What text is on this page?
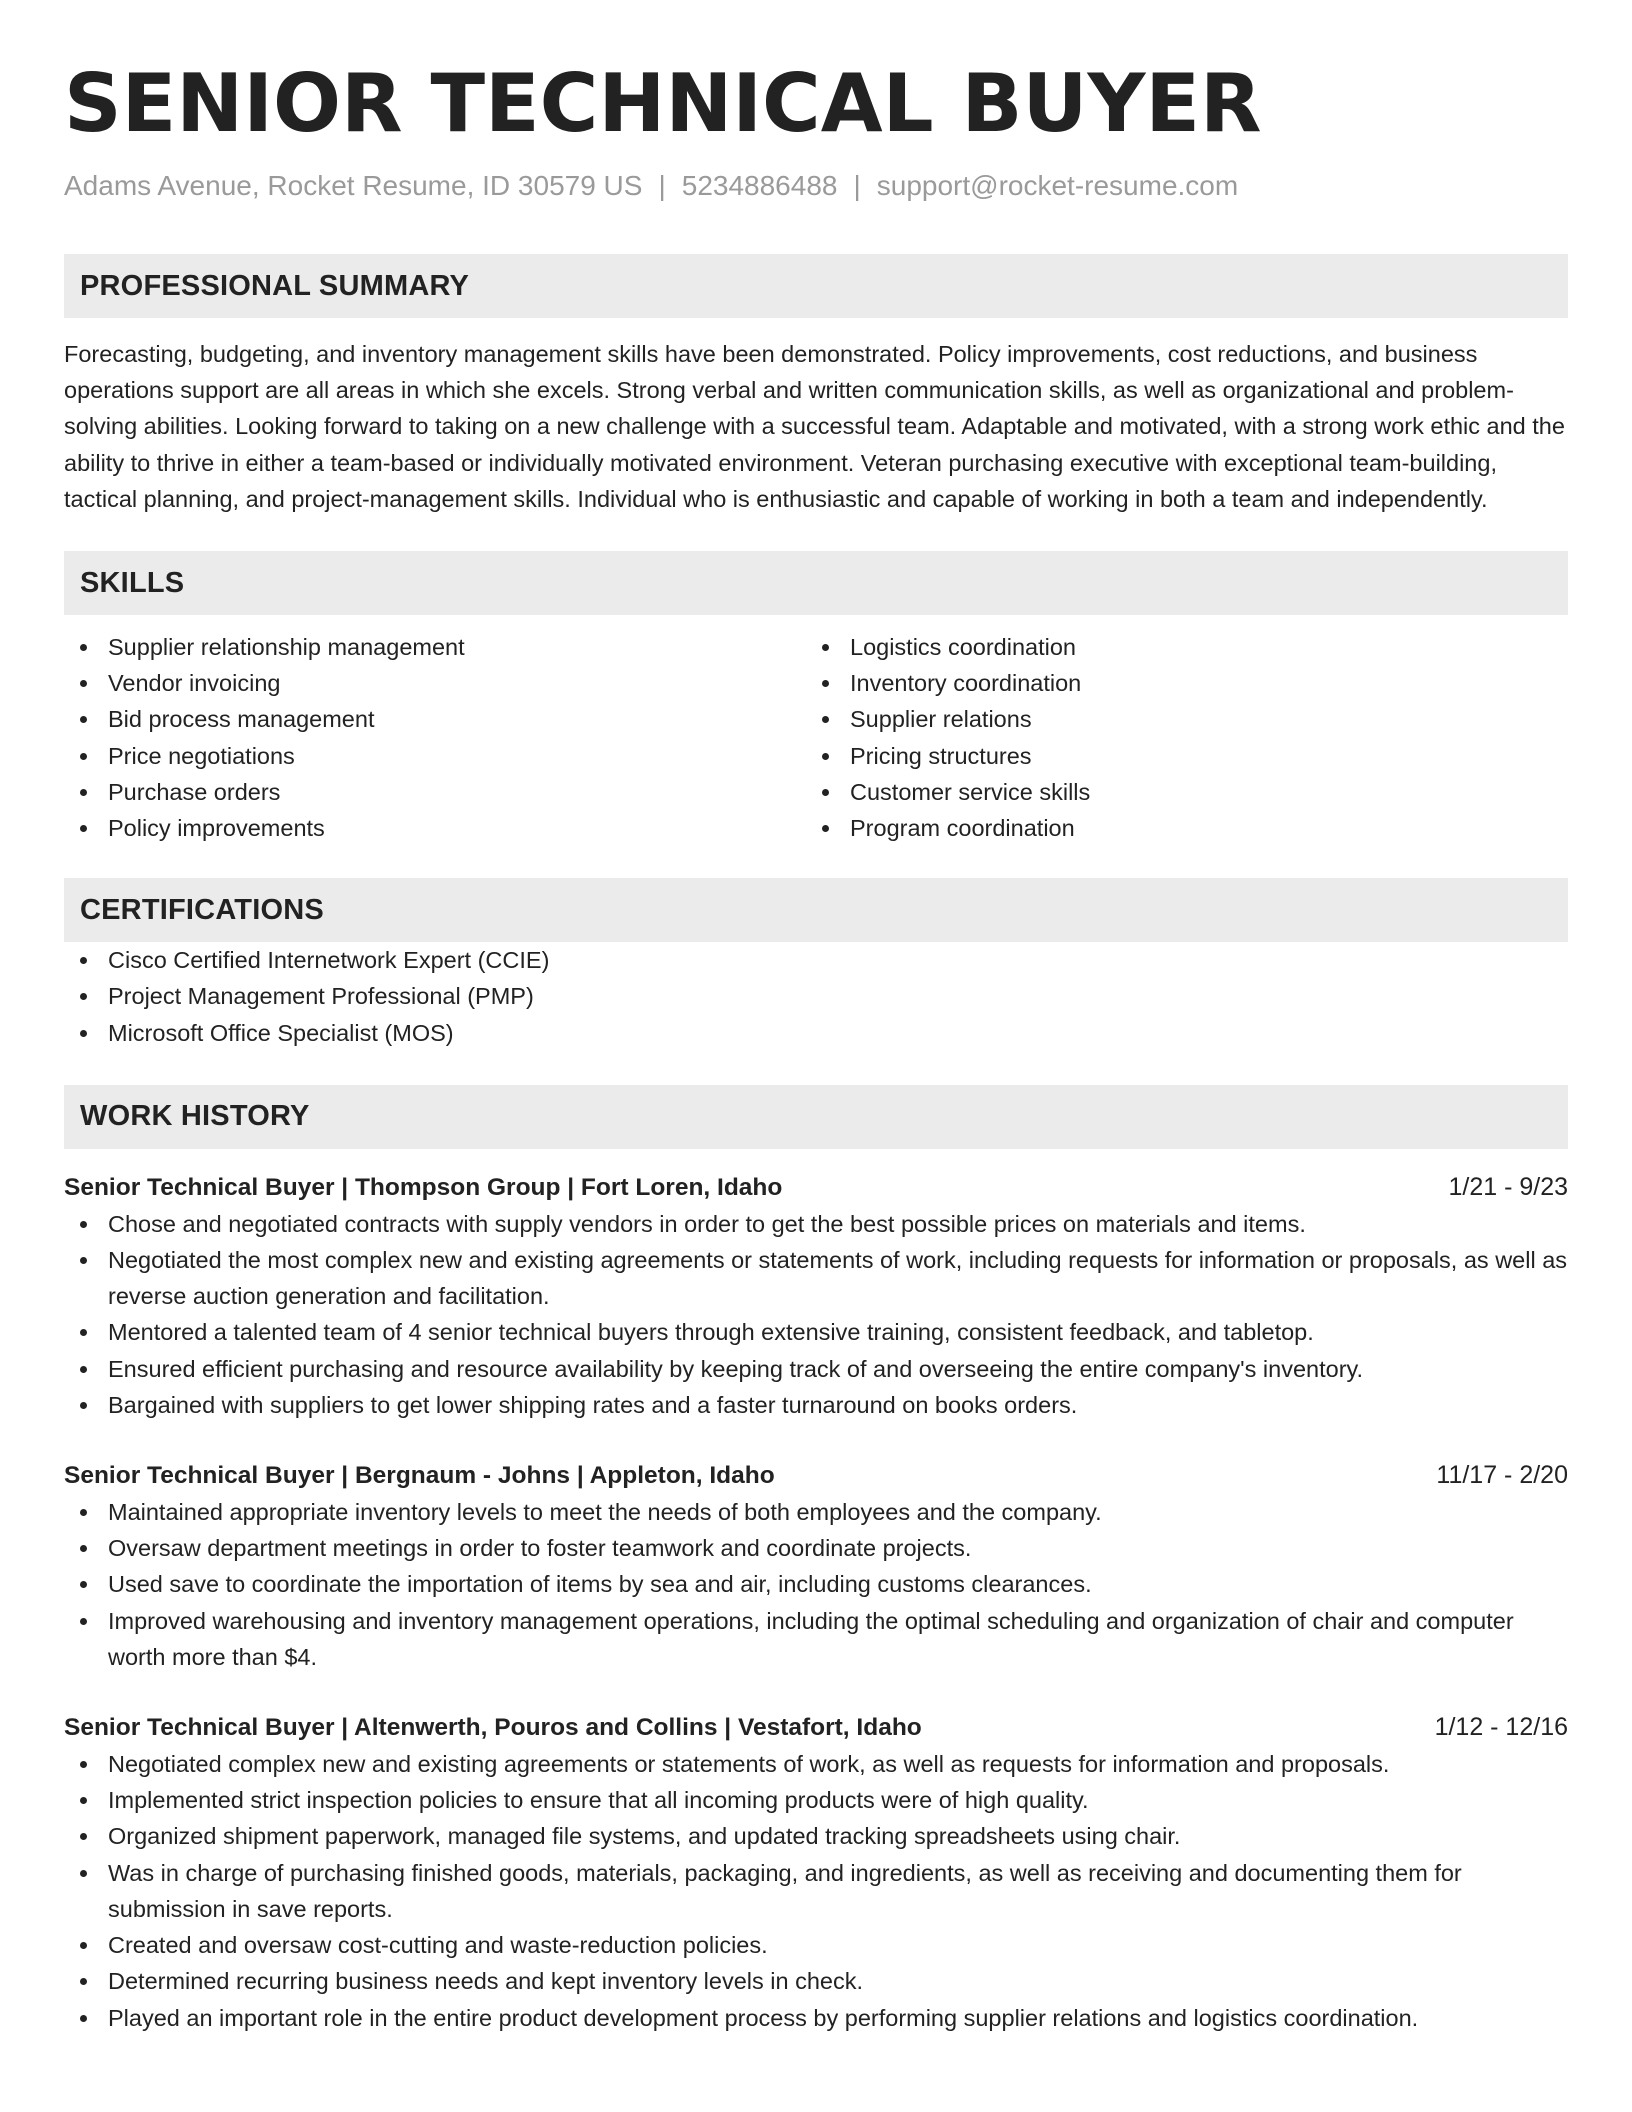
SENIOR TECHNICAL BUYER
Adams Avenue, Rocket Resume, ID 30579 US | 5234886488 | support@rocket-resume.com
PROFESSIONAL SUMMARY

Forecasting, budgeting, and inventory management skills have been demonstrated. Policy improvements, cost reductions, and business operations support are all areas in which she excels. Strong verbal and written communication skills, as well as organizational and problem-solving abilities. Looking forward to taking on a new challenge with a successful team. Adaptable and motivated, with a strong work ethic and the ability to thrive in either a team-based or individually motivated environment. Veteran purchasing executive with exceptional team-building, tactical planning, and project-management skills. Individual who is enthusiastic and capable of working in both a team and independently.

SKILLS
Supplier relationship management
Vendor invoicing
Bid process management
Price negotiations
Purchase orders
Policy improvements
Logistics coordination
Inventory coordination
Supplier relations
Pricing structures
Customer service skills
Program coordination
CERTIFICATIONS
Cisco Certified Internetwork Expert (CCIE)
Project Management Professional (PMP)
Microsoft Office Specialist (MOS)
WORK HISTORY
Senior Technical Buyer | Thompson Group | Fort Loren, Idaho	1/21 - 9/23
Chose and negotiated contracts with supply vendors in order to get the best possible prices on materials and items.
Negotiated the most complex new and existing agreements or statements of work, including requests for information or proposals, as well as reverse auction generation and facilitation.
Mentored a talented team of 4 senior technical buyers through extensive training, consistent feedback, and tabletop.
Ensured efficient purchasing and resource availability by keeping track of and overseeing the entire company's inventory.
Bargained with suppliers to get lower shipping rates and a faster turnaround on books orders.
Senior Technical Buyer | Bergnaum - Johns | Appleton, Idaho	11/17 - 2/20
Maintained appropriate inventory levels to meet the needs of both employees and the company.
Oversaw department meetings in order to foster teamwork and coordinate projects.
Used save to coordinate the importation of items by sea and air, including customs clearances.
Improved warehousing and inventory management operations, including the optimal scheduling and organization of chair and computer worth more than $4.
Senior Technical Buyer | Altenwerth, Pouros and Collins | Vestafort, Idaho	1/12 - 12/16
Negotiated complex new and existing agreements or statements of work, as well as requests for information and proposals.
Implemented strict inspection policies to ensure that all incoming products were of high quality.
Organized shipment paperwork, managed file systems, and updated tracking spreadsheets using chair.
Was in charge of purchasing finished goods, materials, packaging, and ingredients, as well as receiving and documenting them for submission in save reports.
Created and oversaw cost-cutting and waste-reduction policies.
Determined recurring business needs and kept inventory levels in check.
Played an important role in the entire product development process by performing supplier relations and logistics coordination.
